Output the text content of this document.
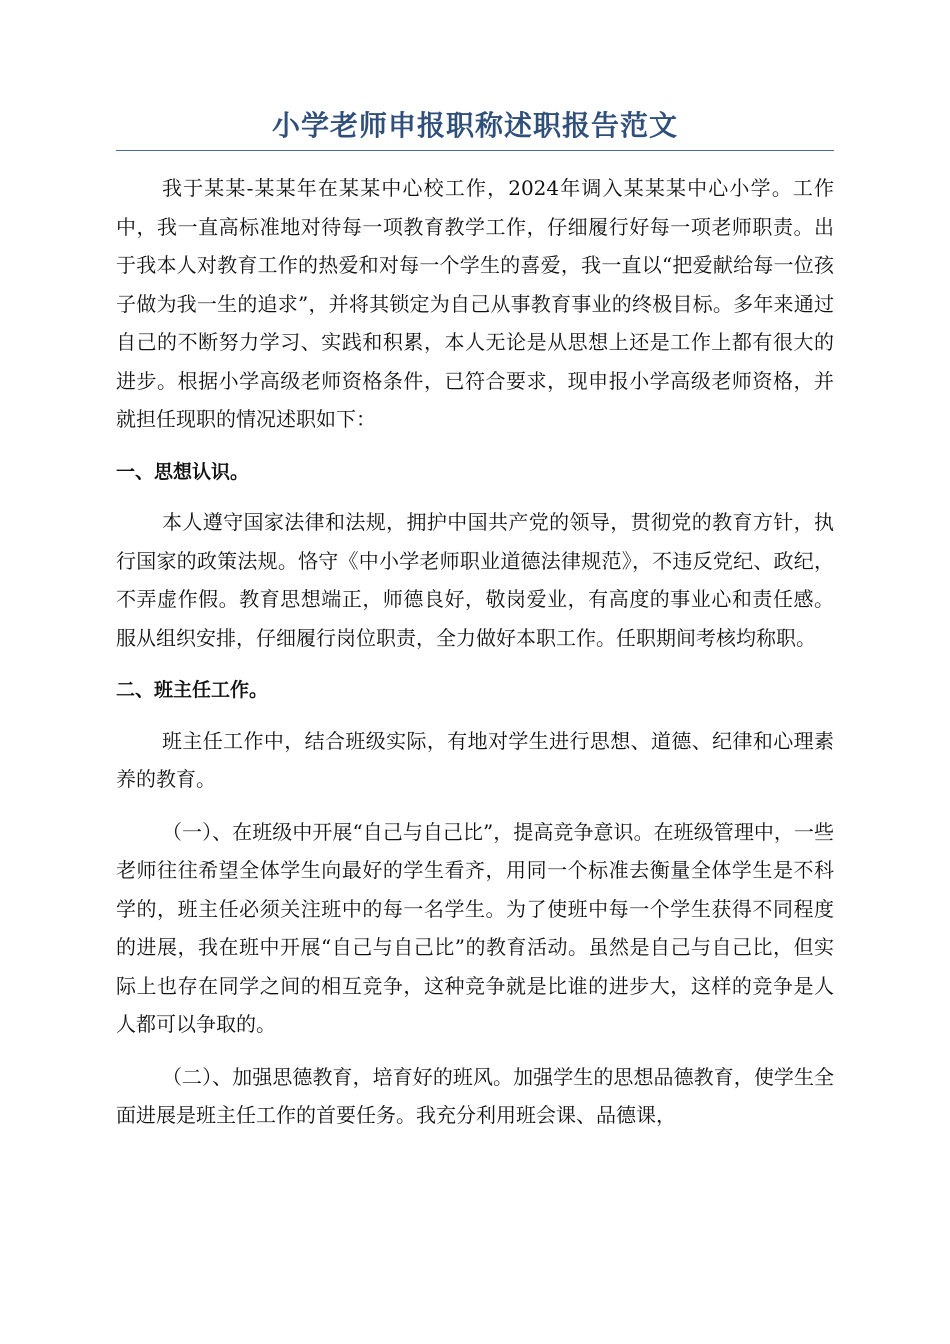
小学老师申报职称述职报告范文

我于某某-某某年在某某中心校工作，2024年调入某某某中心小学。工作中，我一直高标准地对待每一项教育教学工作，仔细履行好每一项老师职责。出于我本人对教育工作的热爱和对每一个学生的喜爱，我一直以“把爱献给每一位孩子做为我一生的追求”，并将其锁定为自己从事教育事业的终极目标。多年来通过自己的不断努力学习、实践和积累，本人无论是从思想上还是工作上都有很大的进步。根据小学高级老师资格条件，已符合要求，现申报小学高级老师资格，并就担任现职的情况述职如下：

一、思想认识。

本人遵守国家法律和法规，拥护中国共产党的领导，贯彻党的教育方针，执行国家的政策法规。恪守《中小学老师职业道德法律规范》，不违反党纪、政纪，不弄虚作假。教育思想端正，师德良好，敬岗爱业，有高度的事业心和责任感。服从组织安排，仔细履行岗位职责，全力做好本职工作。任职期间考核均称职。

二、班主任工作。

班主任工作中，结合班级实际，有地对学生进行思想、道德、纪律和心理素养的教育。

（一）、在班级中开展“自己与自己比”，提高竞争意识。在班级管理中，一些老师往往希望全体学生向最好的学生看齐，用同一个标准去衡量全体学生是不科学的，班主任必须关注班中的每一名学生。为了使班中每一个学生获得不同程度的进展，我在班中开展“自己与自己比”的教育活动。虽然是自己与自己比，但实际上也存在同学之间的相互竞争，这种竞争就是比谁的进步大，这样的竞争是人人都可以争取的。

（二）、加强思德教育，培育好的班风。加强学生的思想品德教育，使学生全面进展是班主任工作的首要任务。我充分利用班会课、品德课，
